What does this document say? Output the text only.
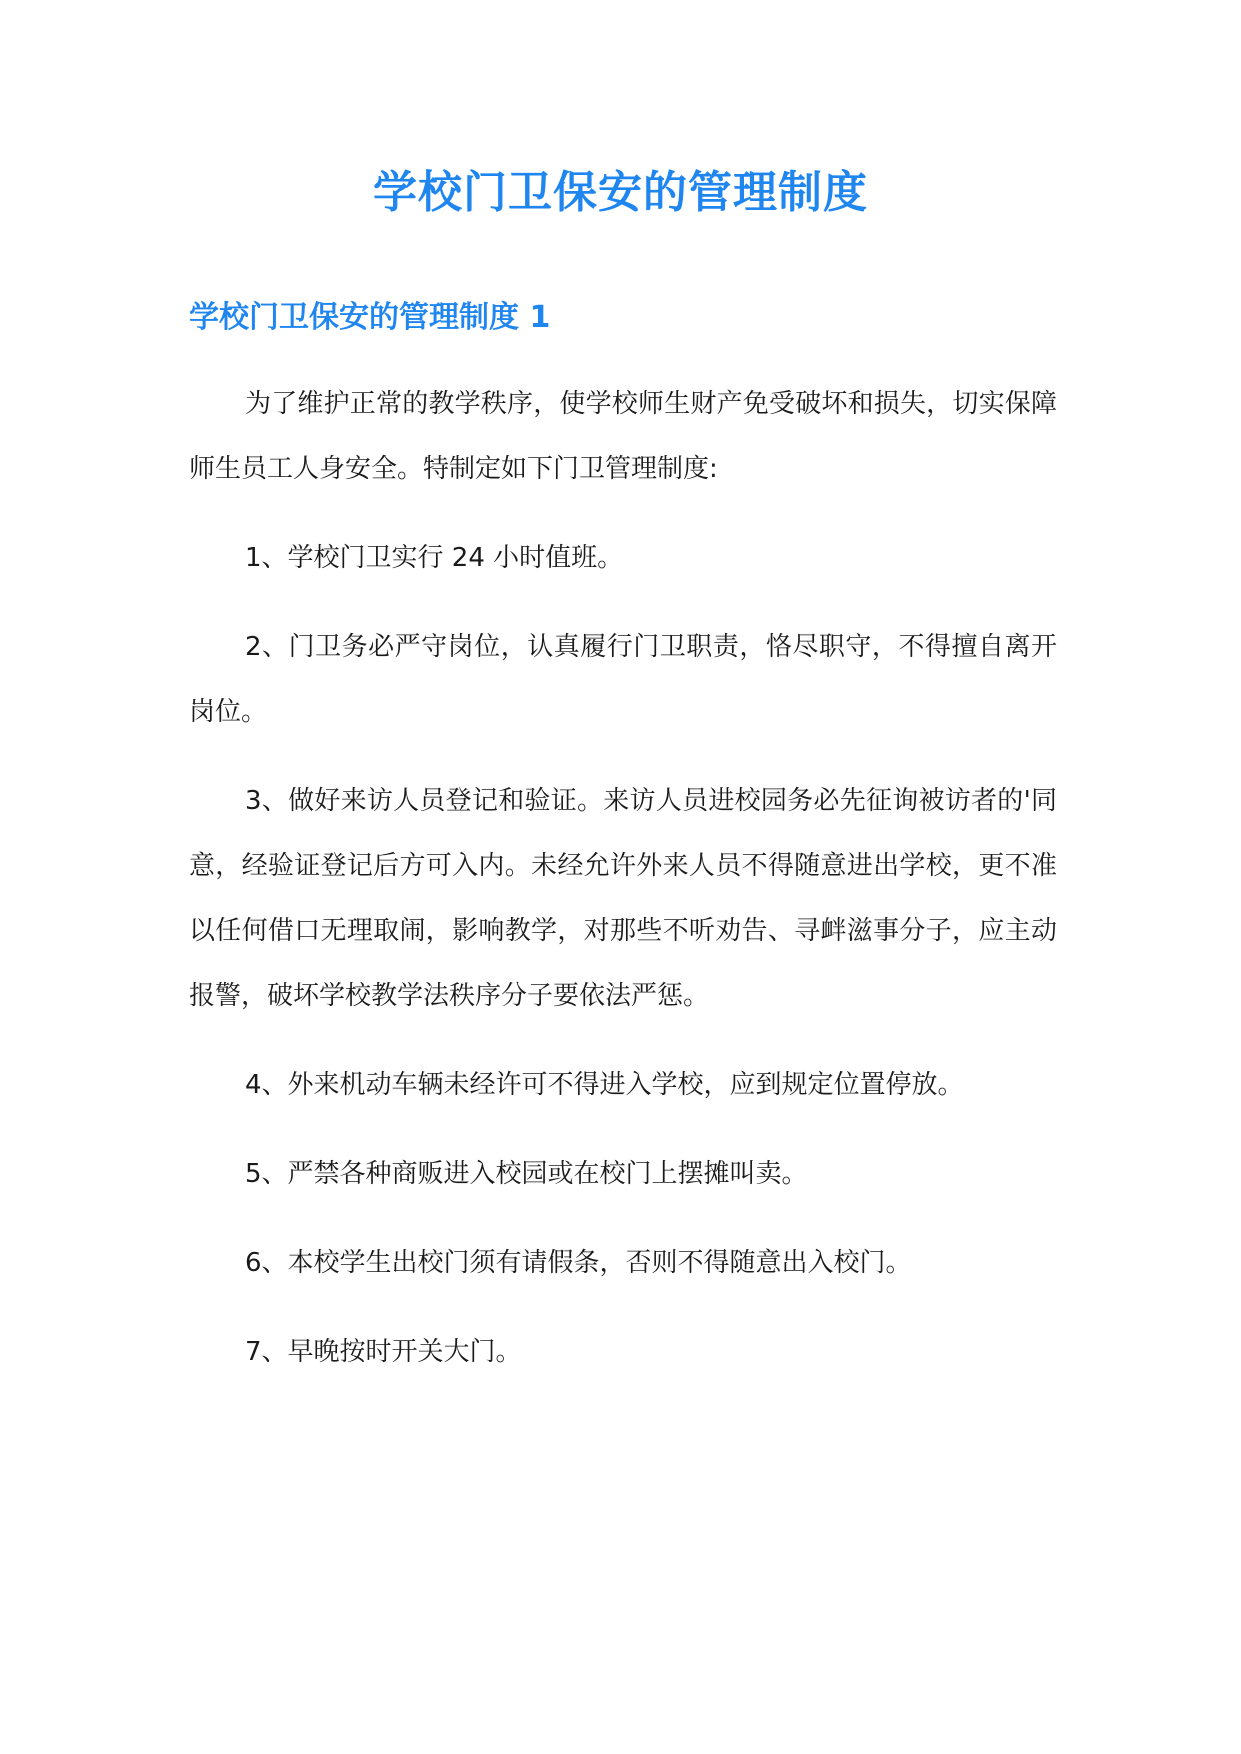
学校门卫保安的管理制度
学校门卫保安的管理制度 1

为了维护正常的教学秩序，使学校师生财产免受破坏和损失，切实保障师生员工人身安全。特制定如下门卫管理制度:

1、学校门卫实行 24 小时值班。

2、门卫务必严守岗位，认真履行门卫职责，恪尽职守，不得擅自离开岗位。

3、做好来访人员登记和验证。来访人员进校园务必先征询被访者的'同意，经验证登记后方可入内。未经允许外来人员不得随意进出学校，更不准以任何借口无理取闹，影响教学，对那些不听劝告、寻衅滋事分子，应主动报警，破坏学校教学法秩序分子要依法严惩。

4、外来机动车辆未经许可不得进入学校，应到规定位置停放。

5、严禁各种商贩进入校园或在校门上摆摊叫卖。

6、本校学生出校门须有请假条，否则不得随意出入校门。

7、早晚按时开关大门。
